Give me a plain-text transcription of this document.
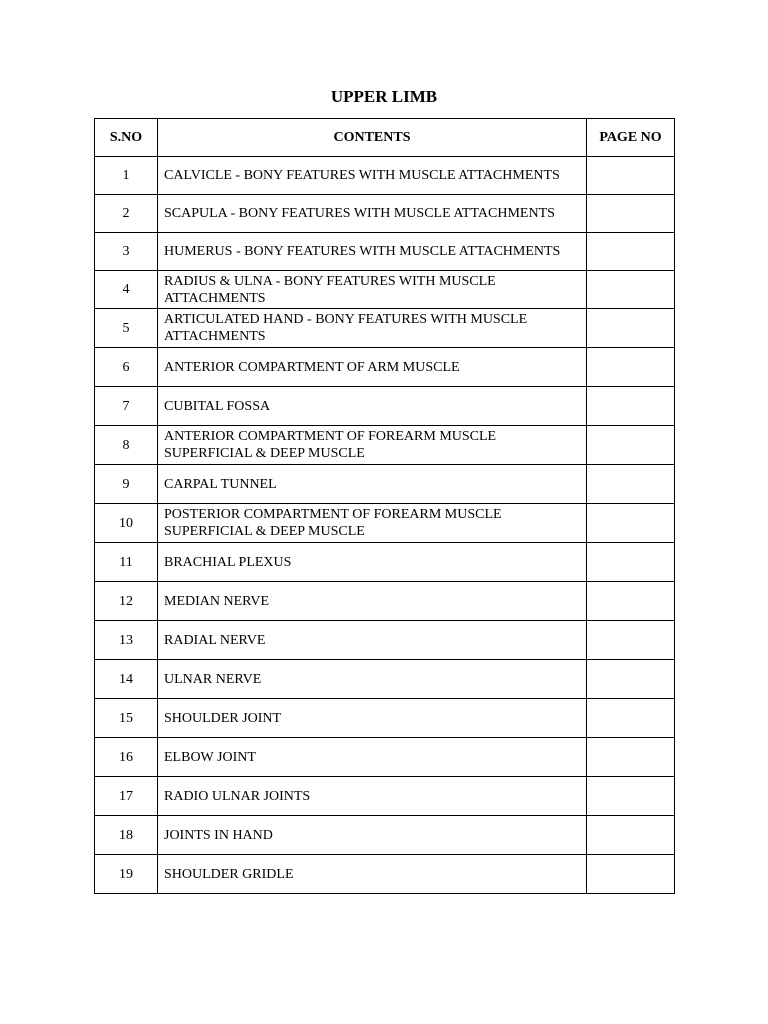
UPPER LIMB
S.NO	CONTENTS	PAGE NO
1	CALVICLE - BONY FEATURES WITH MUSCLE ATTACHMENTS	
2	SCAPULA - BONY FEATURES WITH MUSCLE ATTACHMENTS	
3	HUMERUS - BONY FEATURES WITH MUSCLE ATTACHMENTS	
4	RADIUS & ULNA - BONY FEATURES WITH MUSCLE ATTACHMENTS	
5	ARTICULATED HAND - BONY FEATURES WITH MUSCLE ATTACHMENTS	
6	ANTERIOR COMPARTMENT OF ARM MUSCLE	
7	CUBITAL FOSSA	
8	ANTERIOR COMPARTMENT OF FOREARM MUSCLE SUPERFICIAL & DEEP MUSCLE	
9	CARPAL TUNNEL	
10	POSTERIOR COMPARTMENT OF FOREARM MUSCLE SUPERFICIAL & DEEP MUSCLE	
11	BRACHIAL PLEXUS	
12	MEDIAN NERVE	
13	RADIAL NERVE	
14	ULNAR NERVE	
15	SHOULDER JOINT	
16	ELBOW JOINT	
17	RADIO ULNAR JOINTS	
18	JOINTS IN HAND	
19	SHOULDER GRIDLE	
